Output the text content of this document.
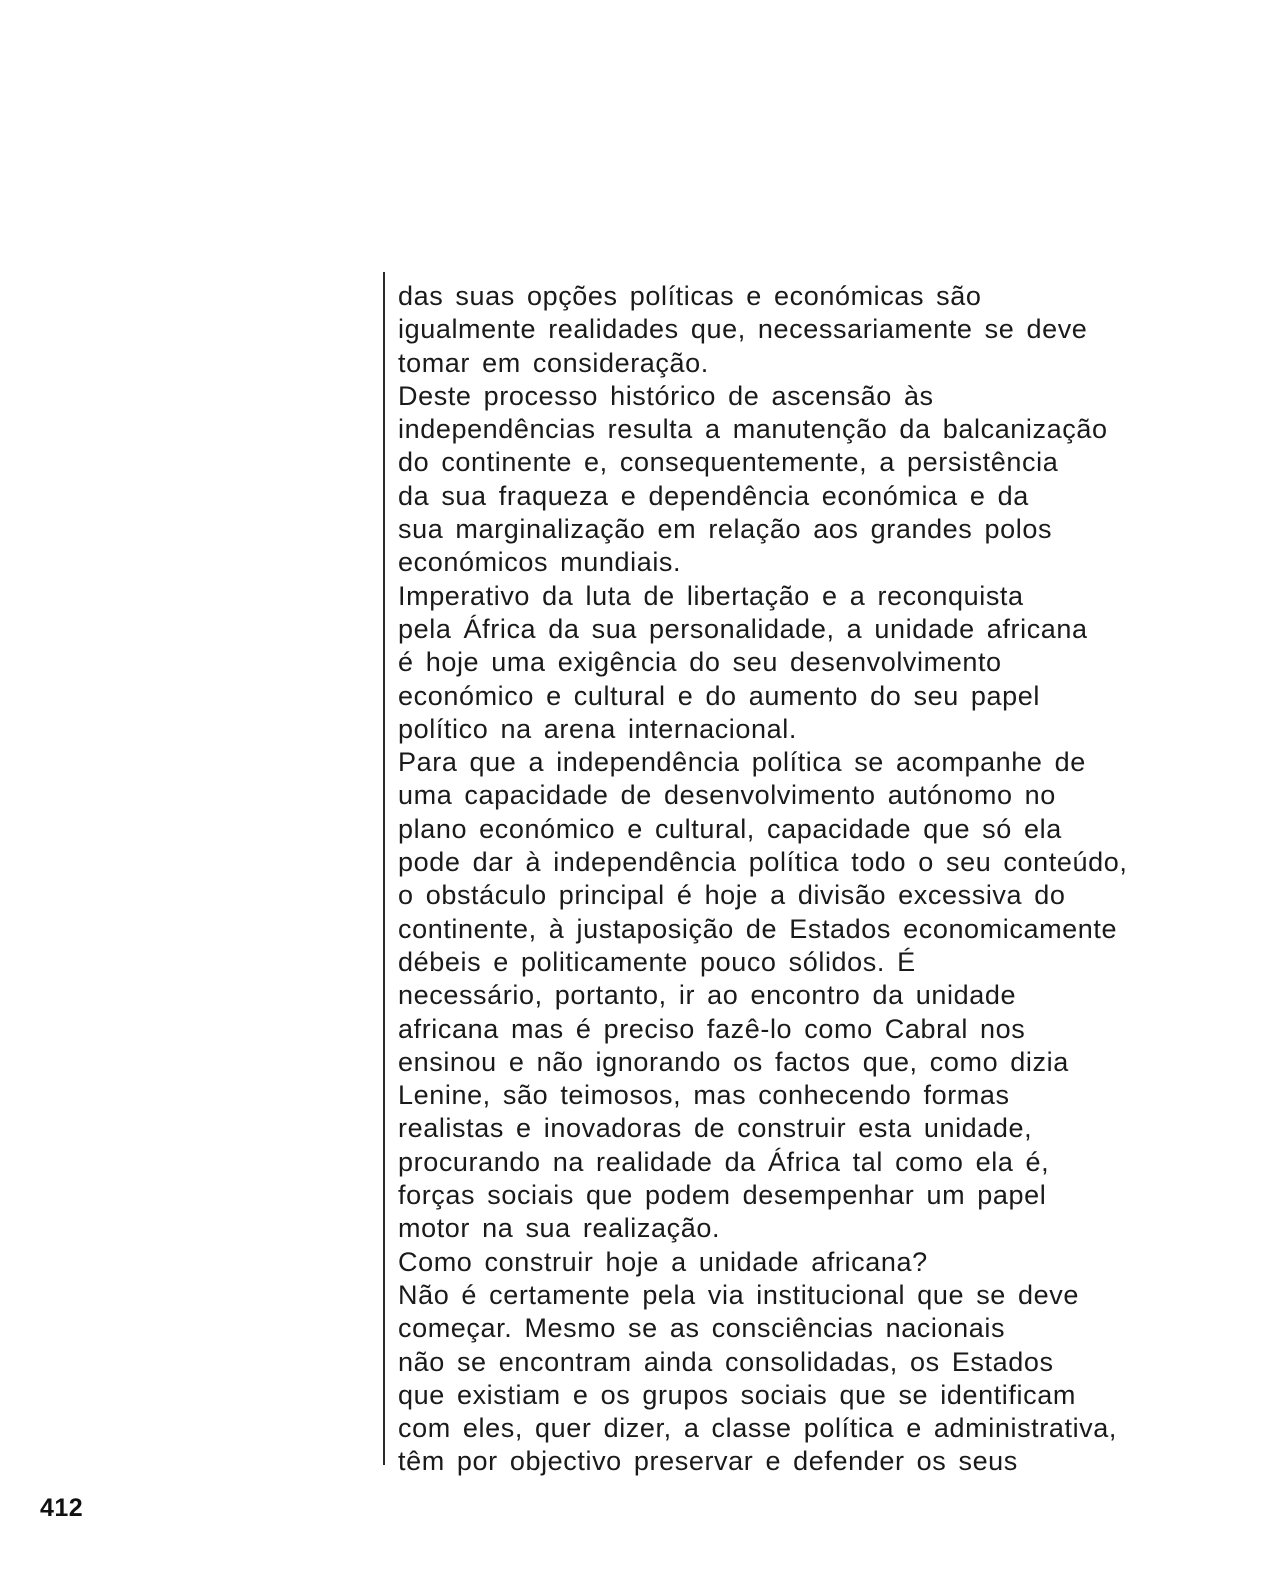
das suas opções políticas e económicas são
igualmente realidades que, necessariamente se deve
tomar em consideração.
Deste processo histórico de ascensão às
independências resulta a manutenção da balcanização
do continente e, consequentemente, a persistência
da sua fraqueza e dependência económica e da
sua marginalização em relação aos grandes polos
económicos mundiais.
Imperativo da luta de libertação e a reconquista
pela África da sua personalidade, a unidade africana
é hoje uma exigência do seu desenvolvimento
económico e cultural e do aumento do seu papel
político na arena internacional.
Para que a independência política se acompanhe de
uma capacidade de desenvolvimento autónomo no
plano económico e cultural, capacidade que só ela
pode dar à independência política todo o seu conteúdo,
o obstáculo principal é hoje a divisão excessiva do
continente, à justaposição de Estados economicamente
débeis e politicamente pouco sólidos. É
necessário, portanto, ir ao encontro da unidade
africana mas é preciso fazê-lo como Cabral nos
ensinou e não ignorando os factos que, como dizia
Lenine, são teimosos, mas conhecendo formas
realistas e inovadoras de construir esta unidade,
procurando na realidade da África tal como ela é,
forças sociais que podem desempenhar um papel
motor na sua realização.
Como construir hoje a unidade africana?
Não é certamente pela via institucional que se deve
começar. Mesmo se as consciências nacionais
não se encontram ainda consolidadas, os Estados
que existiam e os grupos sociais que se identificam
com eles, quer dizer, a classe política e administrativa,
têm por objectivo preservar e defender os seus
412
